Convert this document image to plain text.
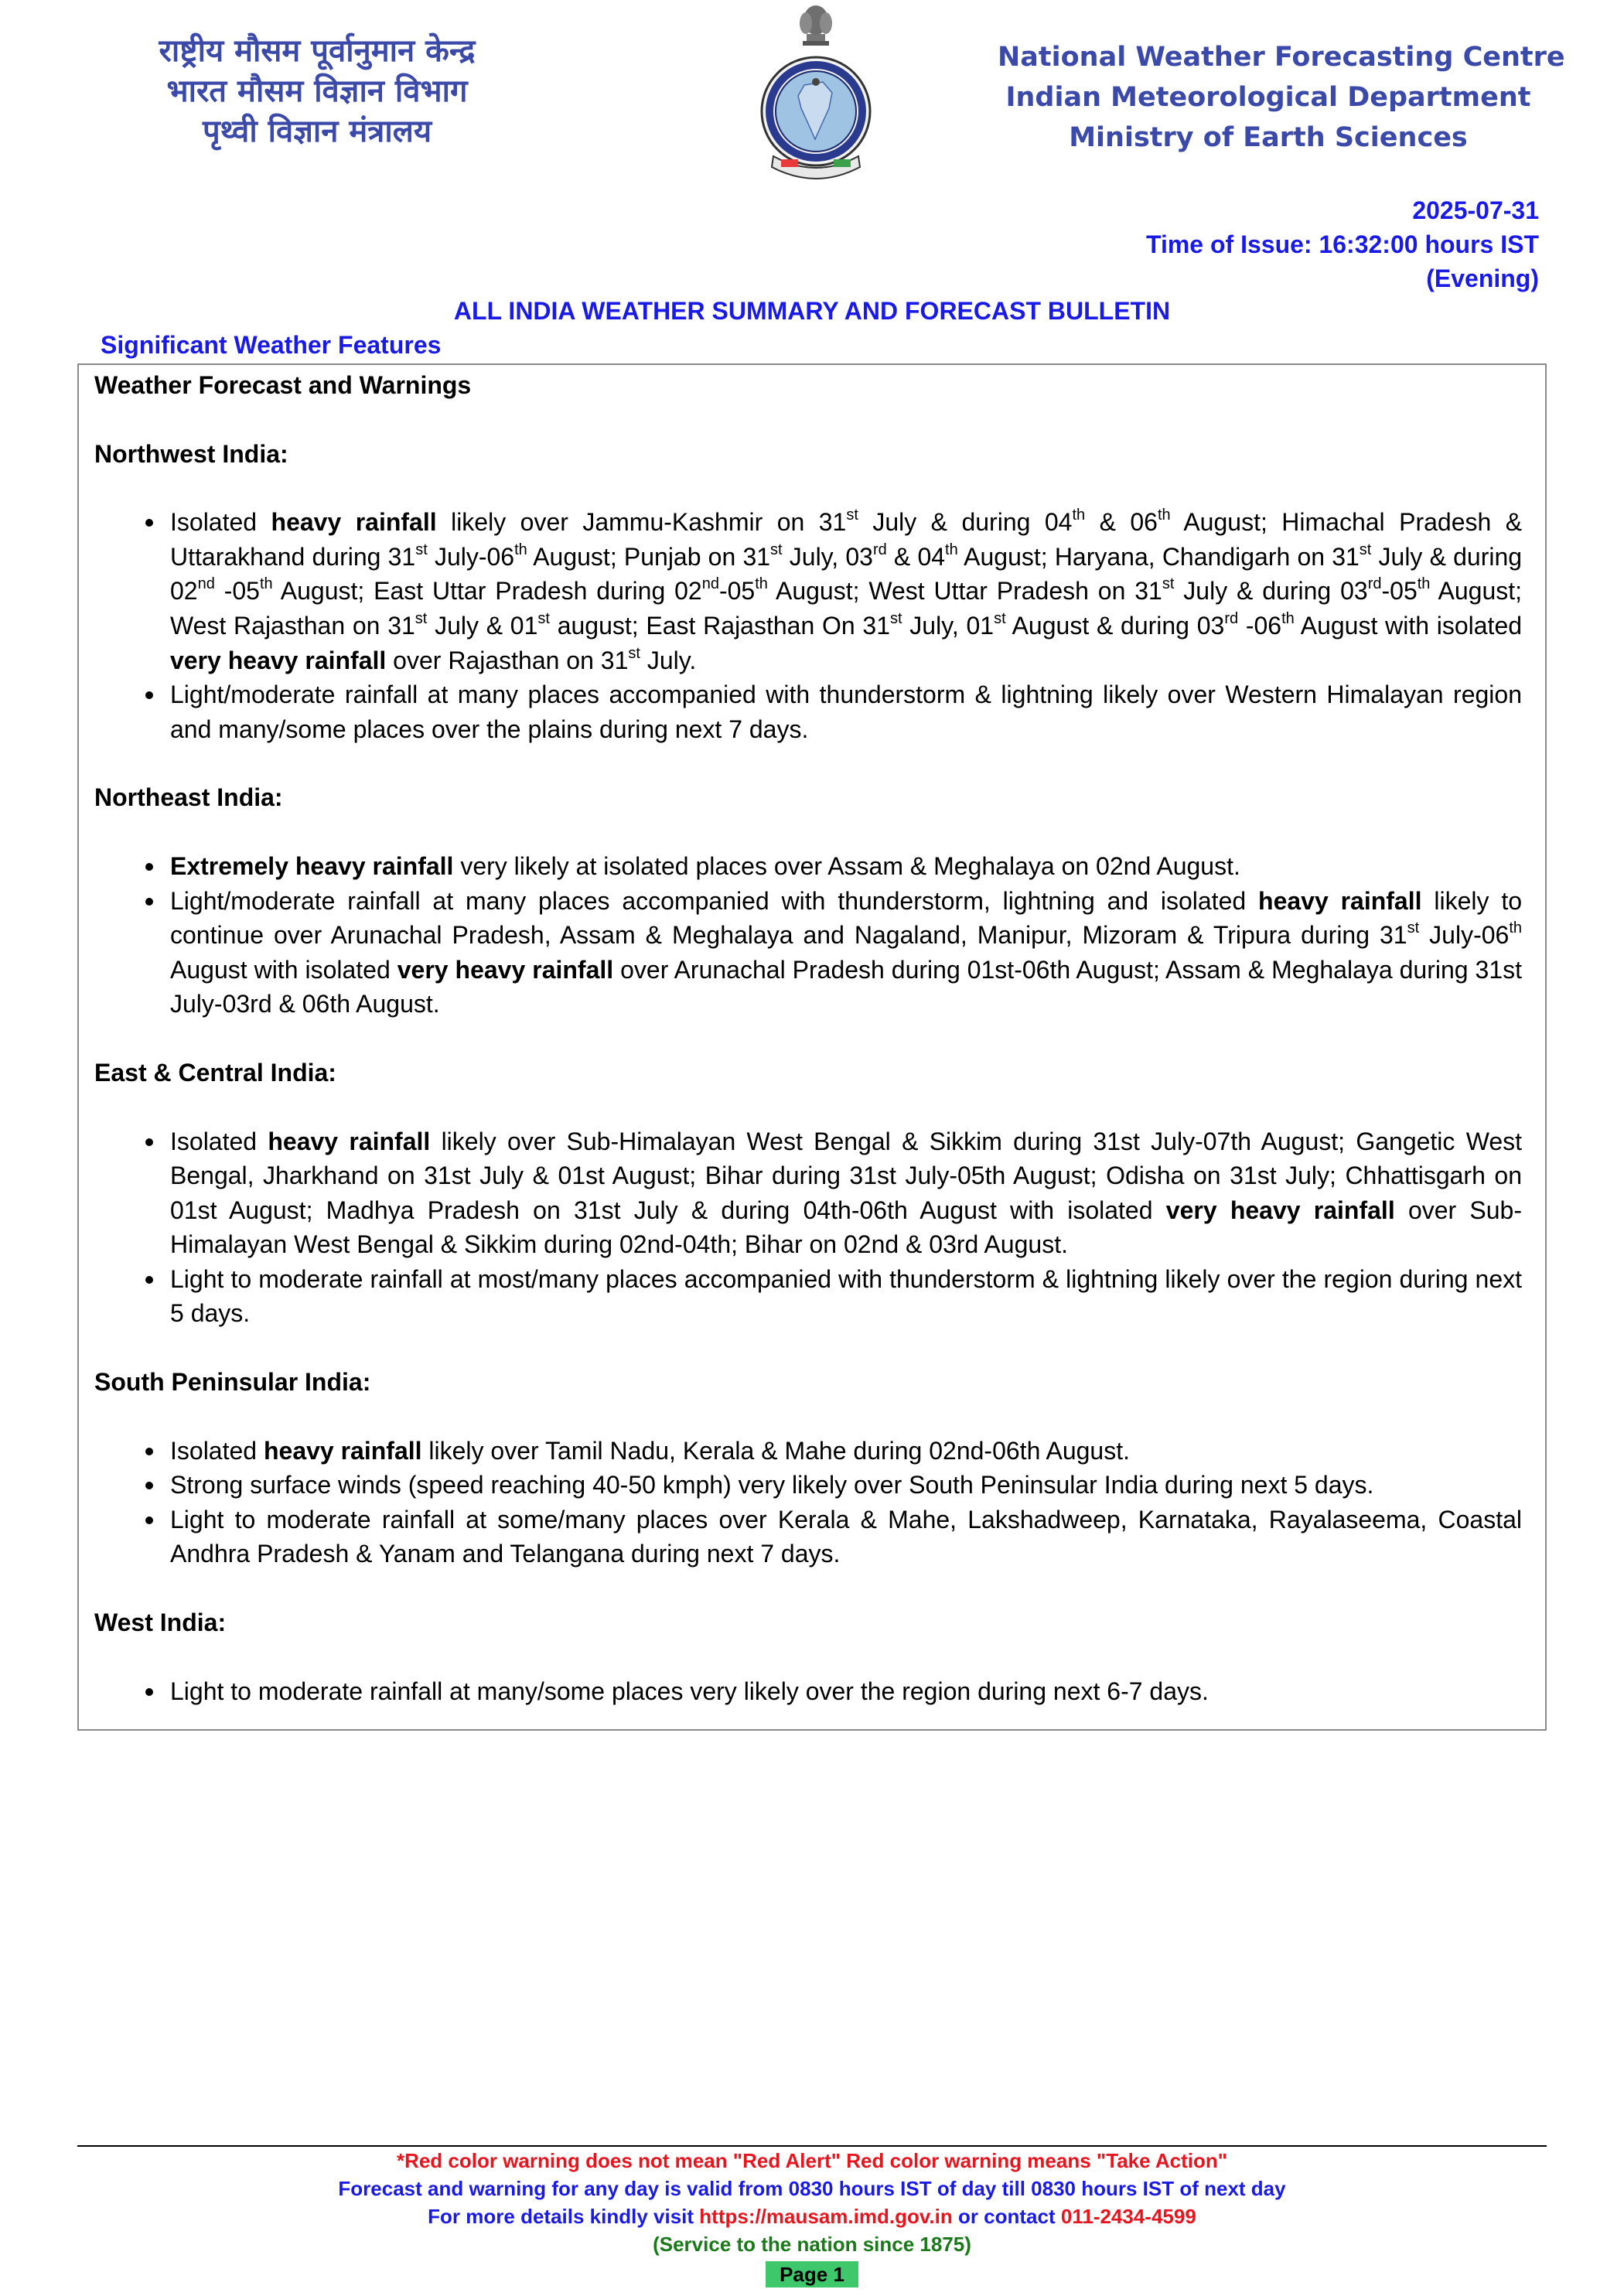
राष्ट्रीय मौसम पूर्वानुमान केन्द्र
भारत मौसम विज्ञान विभाग
पृथ्वी विज्ञान मंत्रालय
National Weather Forecasting Centre
Indian Meteorological Department
Ministry of Earth Sciences
2025-07-31
Time of Issue: 16:32:00 hours IST
(Evening)
ALL INDIA WEATHER SUMMARY AND FORECAST BULLETIN
Significant Weather Features
Weather Forecast and Warnings
Northwest India:
Isolated heavy rainfall likely over Jammu-Kashmir on 31st July & during 04th & 06th August; Himachal Pradesh & Uttarakhand during 31st July-06th August; Punjab on 31st July, 03rd & 04th August; Haryana, Chandigarh on 31st July & during 02nd -05th August; East Uttar Pradesh during 02nd-05th August; West Uttar Pradesh on 31st July & during 03rd-05th August; West Rajasthan on 31st July & 01st august; East Rajasthan On 31st July, 01st August & during 03rd -06th August with isolated very heavy rainfall over Rajasthan on 31st July.
Light/moderate rainfall at many places accompanied with thunderstorm & lightning likely over Western Himalayan region and many/some places over the plains during next 7 days.
Northeast India:
Extremely heavy rainfall very likely at isolated places over Assam & Meghalaya on 02nd August.
Light/moderate rainfall at many places accompanied with thunderstorm, lightning and isolated heavy rainfall likely to continue over Arunachal Pradesh, Assam & Meghalaya and Nagaland, Manipur, Mizoram & Tripura during 31st July-06th August with isolated very heavy rainfall over Arunachal Pradesh during 01st-06th August; Assam & Meghalaya during 31st July-03rd & 06th August.
East & Central India:
Isolated heavy rainfall likely over Sub-Himalayan West Bengal & Sikkim during 31st July-07th August; Gangetic West Bengal, Jharkhand on 31st July & 01st August; Bihar during 31st July-05th August; Odisha on 31st July; Chhattisgarh on 01st August; Madhya Pradesh on 31st July & during 04th-06th August with isolated very heavy rainfall over Sub-Himalayan West Bengal & Sikkim during 02nd-04th; Bihar on 02nd & 03rd August.
Light to moderate rainfall at most/many places accompanied with thunderstorm & lightning likely over the region during next 5 days.
South Peninsular India:
Isolated heavy rainfall likely over Tamil Nadu, Kerala & Mahe during 02nd-06th August.
Strong surface winds (speed reaching 40-50 kmph) very likely over South Peninsular India during next 5 days.
Light to moderate rainfall at some/many places over Kerala & Mahe, Lakshadweep, Karnataka, Rayalaseema, Coastal Andhra Pradesh & Yanam and Telangana during next 7 days.
West India:
Light to moderate rainfall at many/some places very likely over the region during next 6-7 days.
*Red color warning does not mean "Red Alert" Red color warning means "Take Action"
Forecast and warning for any day is valid from 0830 hours IST of day till 0830 hours IST of next day
For more details kindly visit https://mausam.imd.gov.in or contact 011-2434-4599
(Service to the nation since 1875)
Page 1
